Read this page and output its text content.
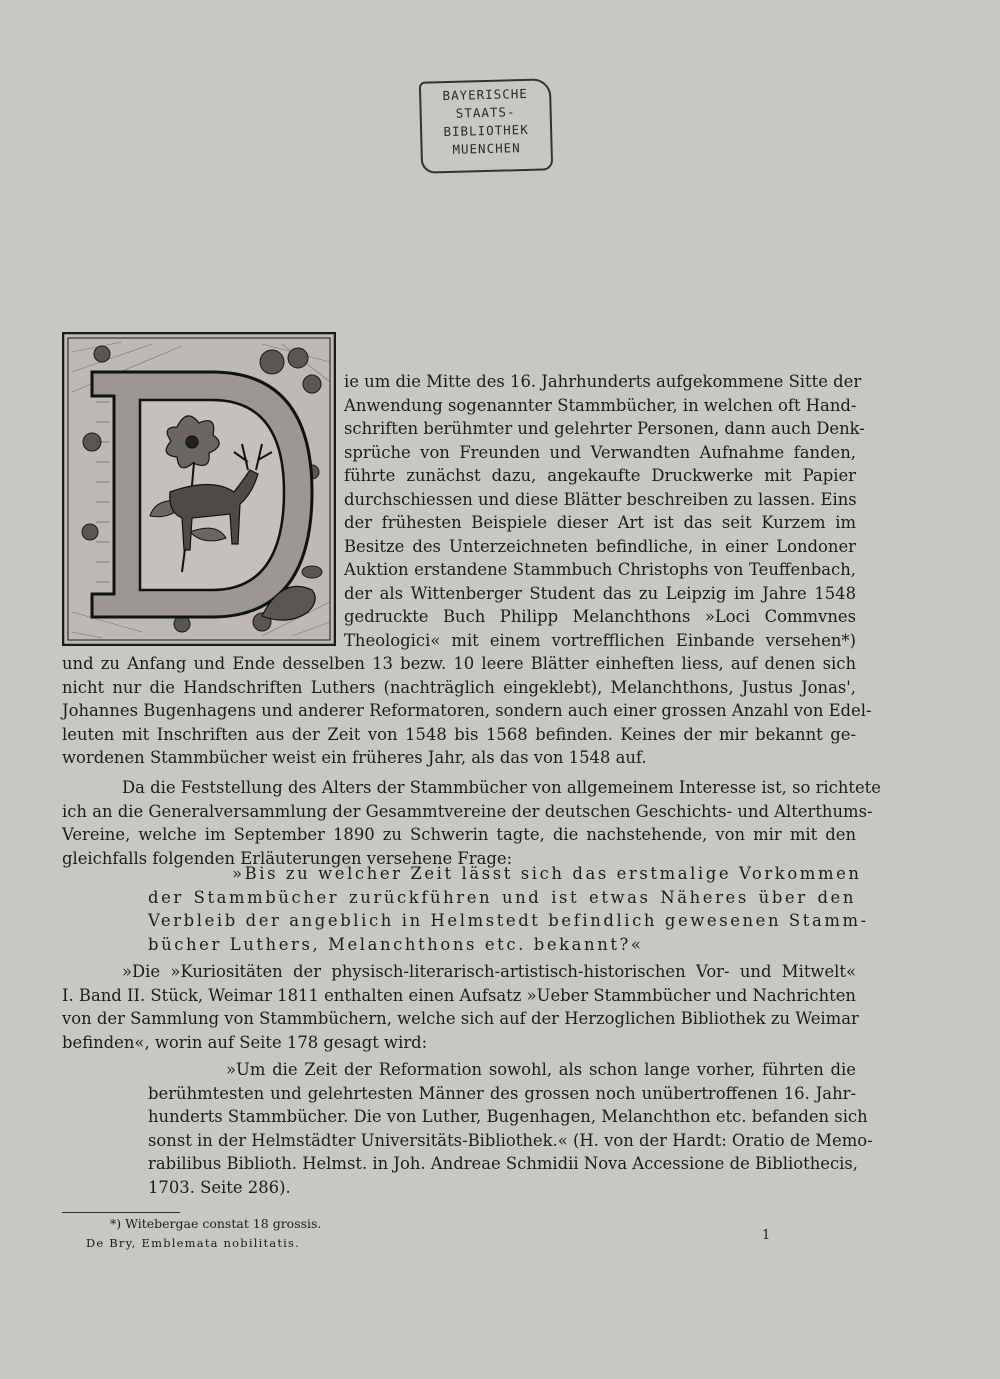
BAYERISCHE
STAATS-
BIBLIOTHEK
MUENCHEN
ie um die Mitte des 16. Jahrhunderts aufgekommene Sitte der
Anwendung sogenannter Stammbücher, in welchen oft Hand-
schriften berühmter und gelehrter Personen, dann auch Denk-
sprüche von Freunden und Verwandten Aufnahme fanden,
führte zunächst dazu, angekaufte Druckwerke mit Papier
durchschiessen und diese Blätter beschreiben zu lassen. Eins
der frühesten Beispiele dieser Art ist das seit Kurzem im
Besitze des Unterzeichneten befindliche, in einer Londoner
Auktion erstandene Stammbuch Christophs von Teuffenbach,
der als Wittenberger Student das zu Leipzig im Jahre 1548
gedruckte Buch Philipp Melanchthons »Loci Commvnes
Theologici« mit einem vortrefflichen Einbande versehen*)
und zu Anfang und Ende desselben 13 bezw. 10 leere Blätter einheften liess, auf denen sich
nicht nur die Handschriften Luthers (nachträglich eingeklebt), Melanchthons, Justus Jonas',
Johannes Bugenhagens und anderer Reformatoren, sondern auch einer grossen Anzahl von Edel-
leuten mit Inschriften aus der Zeit von 1548 bis 1568 befinden. Keines der mir bekannt ge-
wordenen Stammbücher weist ein früheres Jahr, als das von 1548 auf.
Da die Feststellung des Alters der Stammbücher von allgemeinem Interesse ist, so richtete
ich an die Generalversammlung der Gesammtvereine der deutschen Geschichts- und Alterthums-
Vereine, welche im September 1890 zu Schwerin tagte, die nachstehende, von mir mit den
gleichfalls folgenden Erläuterungen versehene Frage:
»Bis zu welcher Zeit lässt sich das erstmalige Vorkommen
der Stammbücher zurückführen und ist etwas Näheres über den
Verbleib der angeblich in Helmstedt befindlich gewesenen Stamm-
bücher Luthers, Melanchthons etc. bekannt?«
»Die »Kuriositäten der physisch-literarisch-artistisch-historischen Vor- und Mitwelt«
I. Band II. Stück, Weimar 1811 enthalten einen Aufsatz »Ueber Stammbücher und Nachrichten
von der Sammlung von Stammbüchern, welche sich auf der Herzoglichen Bibliothek zu Weimar
befinden«, worin auf Seite 178 gesagt wird:
»Um die Zeit der Reformation sowohl, als schon lange vorher, führten die
berühmtesten und gelehrtesten Männer des grossen noch unübertroffenen 16. Jahr-
hunderts Stammbücher. Die von Luther, Bugenhagen, Melanchthon etc. befanden sich
sonst in der Helmstädter Universitäts-Bibliothek.« (H. von der Hardt: Oratio de Memo-
rabilibus Biblioth. Helmst. in Joh. Andreae Schmidii Nova Accessione de Bibliothecis,
1703. Seite 286).
*) Witebergae constat 18 grossis.
De Bry, Emblemata nobilitatis.	1
